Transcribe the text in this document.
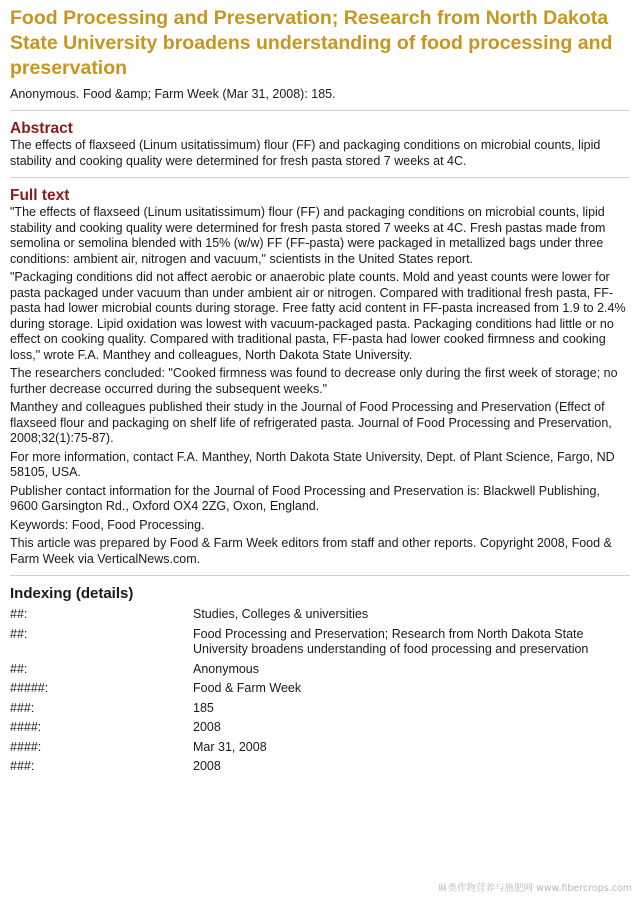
Food Processing and Preservation; Research from North Dakota State University broadens understanding of food processing and preservation

Anonymous. Food &amp; Farm Week (Mar 31, 2008): 185.

Abstract

The effects of flaxseed (Linum usitatissimum) flour (FF) and packaging conditions on microbial counts, lipid stability and cooking quality were determined for fresh pasta stored 7 weeks at 4C.

Full text

"The effects of flaxseed (Linum usitatissimum) flour (FF) and packaging conditions on microbial counts, lipid stability and cooking quality were determined for fresh pasta stored 7 weeks at 4C. Fresh pastas made from semolina or semolina blended with 15% (w/w) FF (FF-pasta) were packaged in metallized bags under three conditions: ambient air, nitrogen and vacuum," scientists in the United States report.

"Packaging conditions did not affect aerobic or anaerobic plate counts. Mold and yeast counts were lower for pasta packaged under vacuum than under ambient air or nitrogen. Compared with traditional fresh pasta, FF-pasta had lower microbial counts during storage. Free fatty acid content in FF-pasta increased from 1.9 to 2.4% during storage. Lipid oxidation was lowest with vacuum-packaged pasta. Packaging conditions had little or no effect on cooking quality. Compared with traditional pasta, FF-pasta had lower cooked firmness and cooking loss," wrote F.A. Manthey and colleagues, North Dakota State University.

The researchers concluded: "Cooked firmness was found to decrease only during the first week of storage; no further decrease occurred during the subsequent weeks."

Manthey and colleagues published their study in the Journal of Food Processing and Preservation (Effect of flaxseed flour and packaging on shelf life of refrigerated pasta. Journal of Food Processing and Preservation, 2008;32(1):75-87).

For more information, contact F.A. Manthey, North Dakota State University, Dept. of Plant Science, Fargo, ND 58105, USA.

Publisher contact information for the Journal of Food Processing and Preservation is: Blackwell Publishing, 9600 Garsington Rd., Oxford OX4 2ZG, Oxon, England.

Keywords: Food, Food Processing.

This article was prepared by Food & Farm Week editors from staff and other reports. Copyright 2008, Food & Farm Week via VerticalNews.com.

Indexing (details)
##:	Studies, Colleges & universities
##:	Food Processing and Preservation; Research from North Dakota State University broadens understanding of food processing and preservation
##:	Anonymous
#####:	Food & Farm Week
###:	185
####:	2008
####:	Mar 31, 2008
###:	2008
麻类作物营养与施肥网 www.fibercrops.com
